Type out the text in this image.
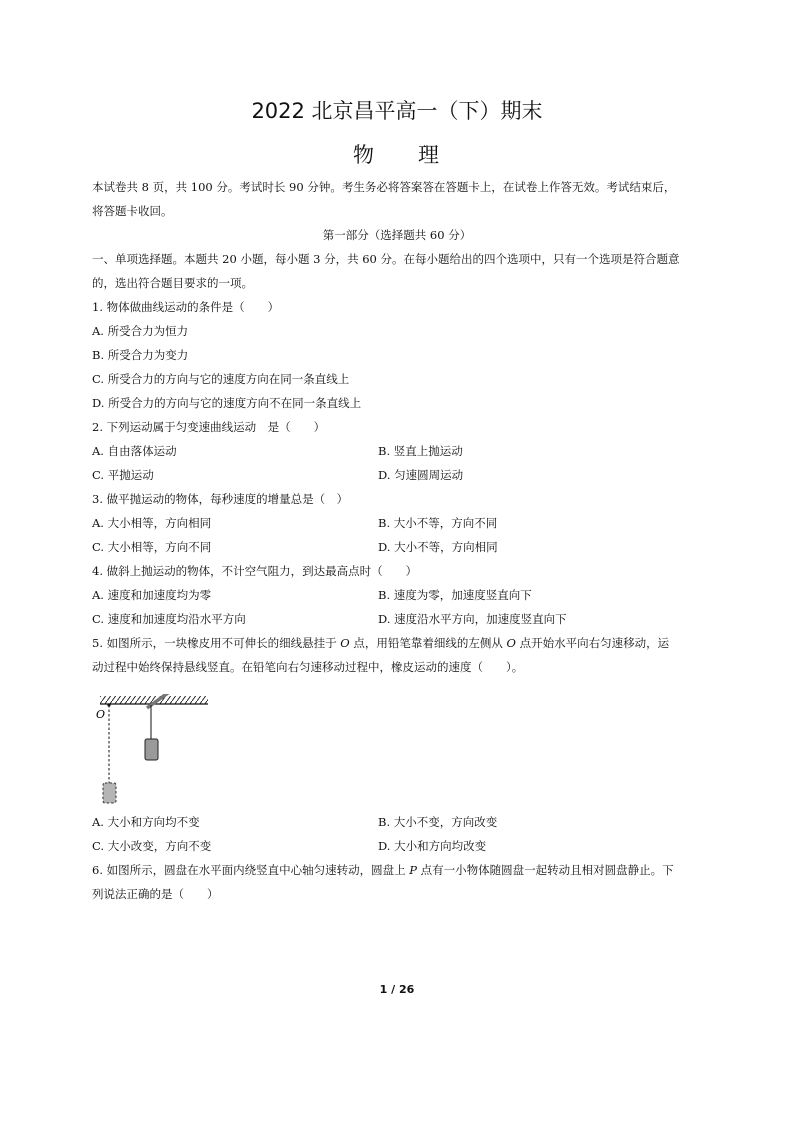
2022 北京昌平高一（下）期末
物 理
本试卷共 8 页，共 100 分。考试时长 90 分钟。考生务必将答案答在答题卡上，在试卷上作答无效。考试结束后，
将答题卡收回。
第一部分（选择题共 60 分）
一、单项选择题。本题共 20 小题，每小题 3 分，共 60 分。在每小题给出的四个选项中，只有一个选项是符合题意
的，选出符合题目要求的一项。
1. 物体做曲线运动的条件是（　　）
A. 所受合力为恒力
B. 所受合力为变力
C. 所受合力的方向与它的速度方向在同一条直线上
D. 所受合力的方向与它的速度方向不在同一条直线上
2. 下列运动属于匀变速曲线运动　是（　　）
A. 自由落体运动	B. 竖直上抛运动
C. 平抛运动	D. 匀速圆周运动
3. 做平抛运动的物体，每秒速度的增量总是（　）
A. 大小相等，方向相同	B. 大小不等，方向不同
C. 大小相等，方向不同	D. 大小不等，方向相同
4. 做斜上抛运动的物体，不计空气阻力，到达最高点时（　　）
A. 速度和加速度均为零	B. 速度为零，加速度竖直向下
C. 速度和加速度均沿水平方向	D. 速度沿水平方向，加速度竖直向下
5. 如图所示，一块橡皮用不可伸长的细线悬挂于 O 点，用铅笔靠着细线的左侧从 O 点开始水平向右匀速移动，运
动过程中始终保持悬线竖直。在铅笔向右匀速移动过程中，橡皮运动的速度（　　）。
O
A. 大小和方向均不变	B. 大小不变，方向改变
C. 大小改变，方向不变	D. 大小和方向均改变
6. 如图所示，圆盘在水平面内绕竖直中心轴匀速转动，圆盘上 P 点有一小物体随圆盘一起转动且相对圆盘静止。下
列说法正确的是（　　）
1 / 26
